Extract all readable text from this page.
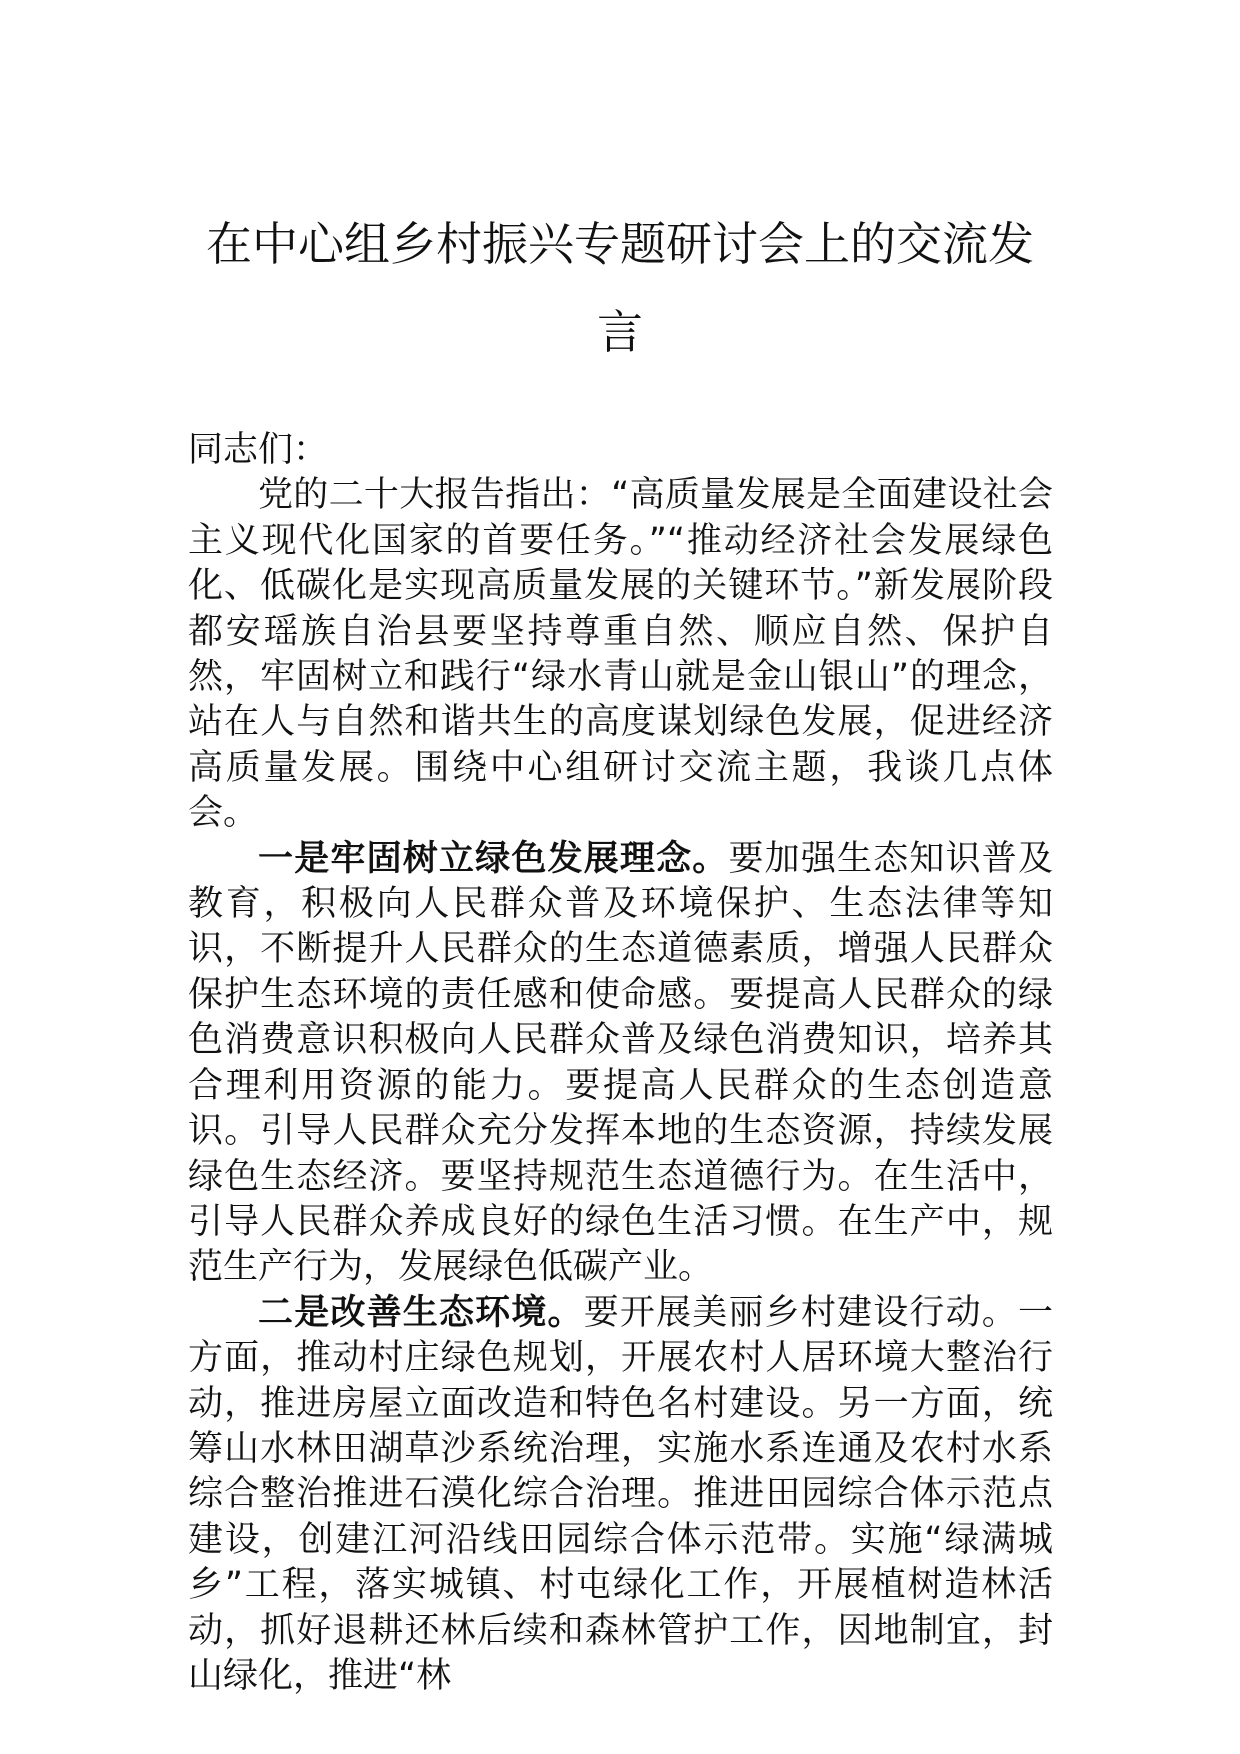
在中心组乡村振兴专题研讨会上的交流发言

同志们：

党的二十大报告指出：“高质量发展是全面建设社会主义现代化国家的首要任务。”“推动经济社会发展绿色化、低碳化是实现高质量发展的关键环节。”新发展阶段都安瑶族自治县要坚持尊重自然、顺应自然、保护自然，牢固树立和践行“绿水青山就是金山银山”的理念，站在人与自然和谐共生的高度谋划绿色发展，促进经济高质量发展。围绕中心组研讨交流主题，我谈几点体会。

一是牢固树立绿色发展理念。要加强生态知识普及教育，积极向人民群众普及环境保护、生态法律等知识，不断提升人民群众的生态道德素质，增强人民群众保护生态环境的责任感和使命感。要提高人民群众的绿色消费意识积极向人民群众普及绿色消费知识，培养其合理利用资源的能力。要提高人民群众的生态创造意识。引导人民群众充分发挥本地的生态资源，持续发展绿色生态经济。要坚持规范生态道德行为。在生活中，引导人民群众养成良好的绿色生活习惯。在生产中，规范生产行为，发展绿色低碳产业。

二是改善生态环境。要开展美丽乡村建设行动。一方面，推动村庄绿色规划，开展农村人居环境大整治行动，推进房屋立面改造和特色名村建设。另一方面，统筹山水林田湖草沙系统治理，实施水系连通及农村水系综合整治推进石漠化综合治理。推进田园综合体示范点建设，创建江河沿线田园综合体示范带。实施“绿满城乡”工程，落实城镇、村屯绿化工作，开展植树造林活动，抓好退耕还林后续和森林管护工作，因地制宜，封山绿化，推进“林
